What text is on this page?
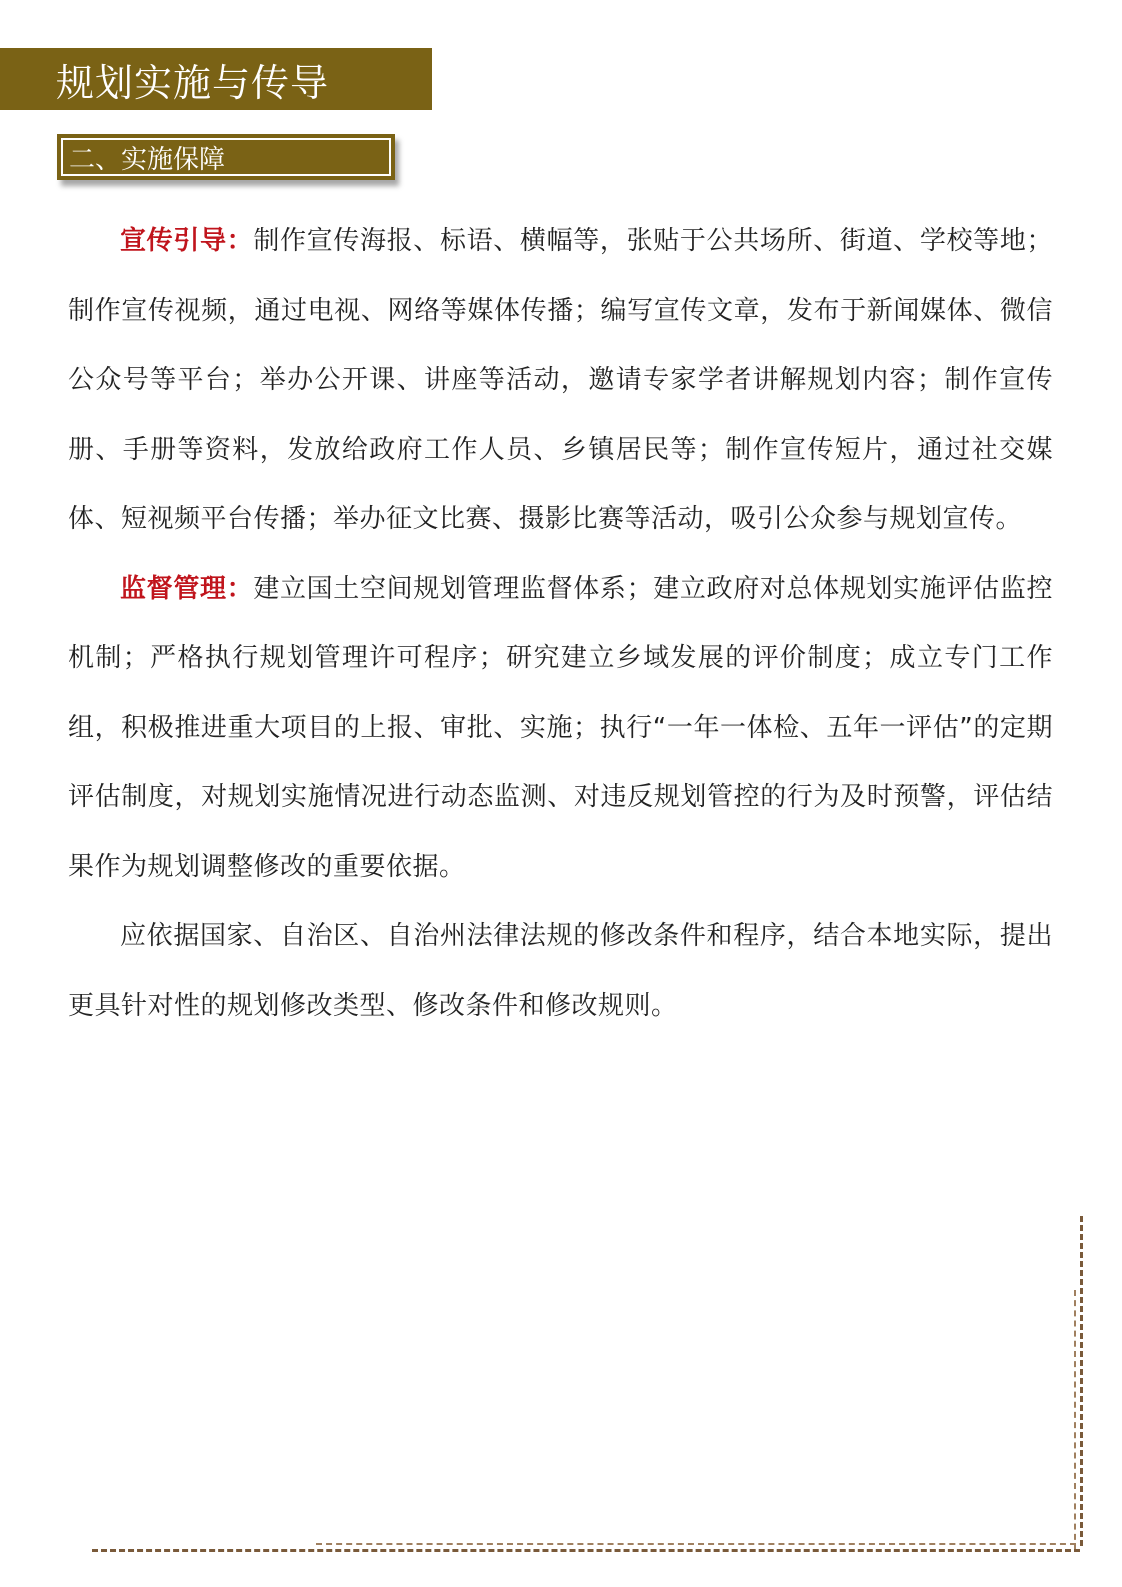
规划实施与传导
二、实施保障

宣传引导：制作宣传海报、标语、横幅等，张贴于公共场所、街道、学校等地；制作宣传视频，通过电视、网络等媒体传播；编写宣传文章，发布于新闻媒体、微信公众号等平台；举办公开课、讲座等活动，邀请专家学者讲解规划内容；制作宣传册、手册等资料，发放给政府工作人员、乡镇居民等；制作宣传短片，通过社交媒体、短视频平台传播；举办征文比赛、摄影比赛等活动，吸引公众参与规划宣传。

监督管理：建立国土空间规划管理监督体系；建立政府对总体规划实施评估监控机制；严格执行规划管理许可程序；研究建立乡域发展的评价制度；成立专门工作组，积极推进重大项目的上报、审批、实施；执行“一年一体检、五年一评估”的定期评估制度，对规划实施情况进行动态监测、对违反规划管控的行为及时预警，评估结果作为规划调整修改的重要依据。

应依据国家、自治区、自治州法律法规的修改条件和程序，结合本地实际，提出更具针对性的规划修改类型、修改条件和修改规则。
